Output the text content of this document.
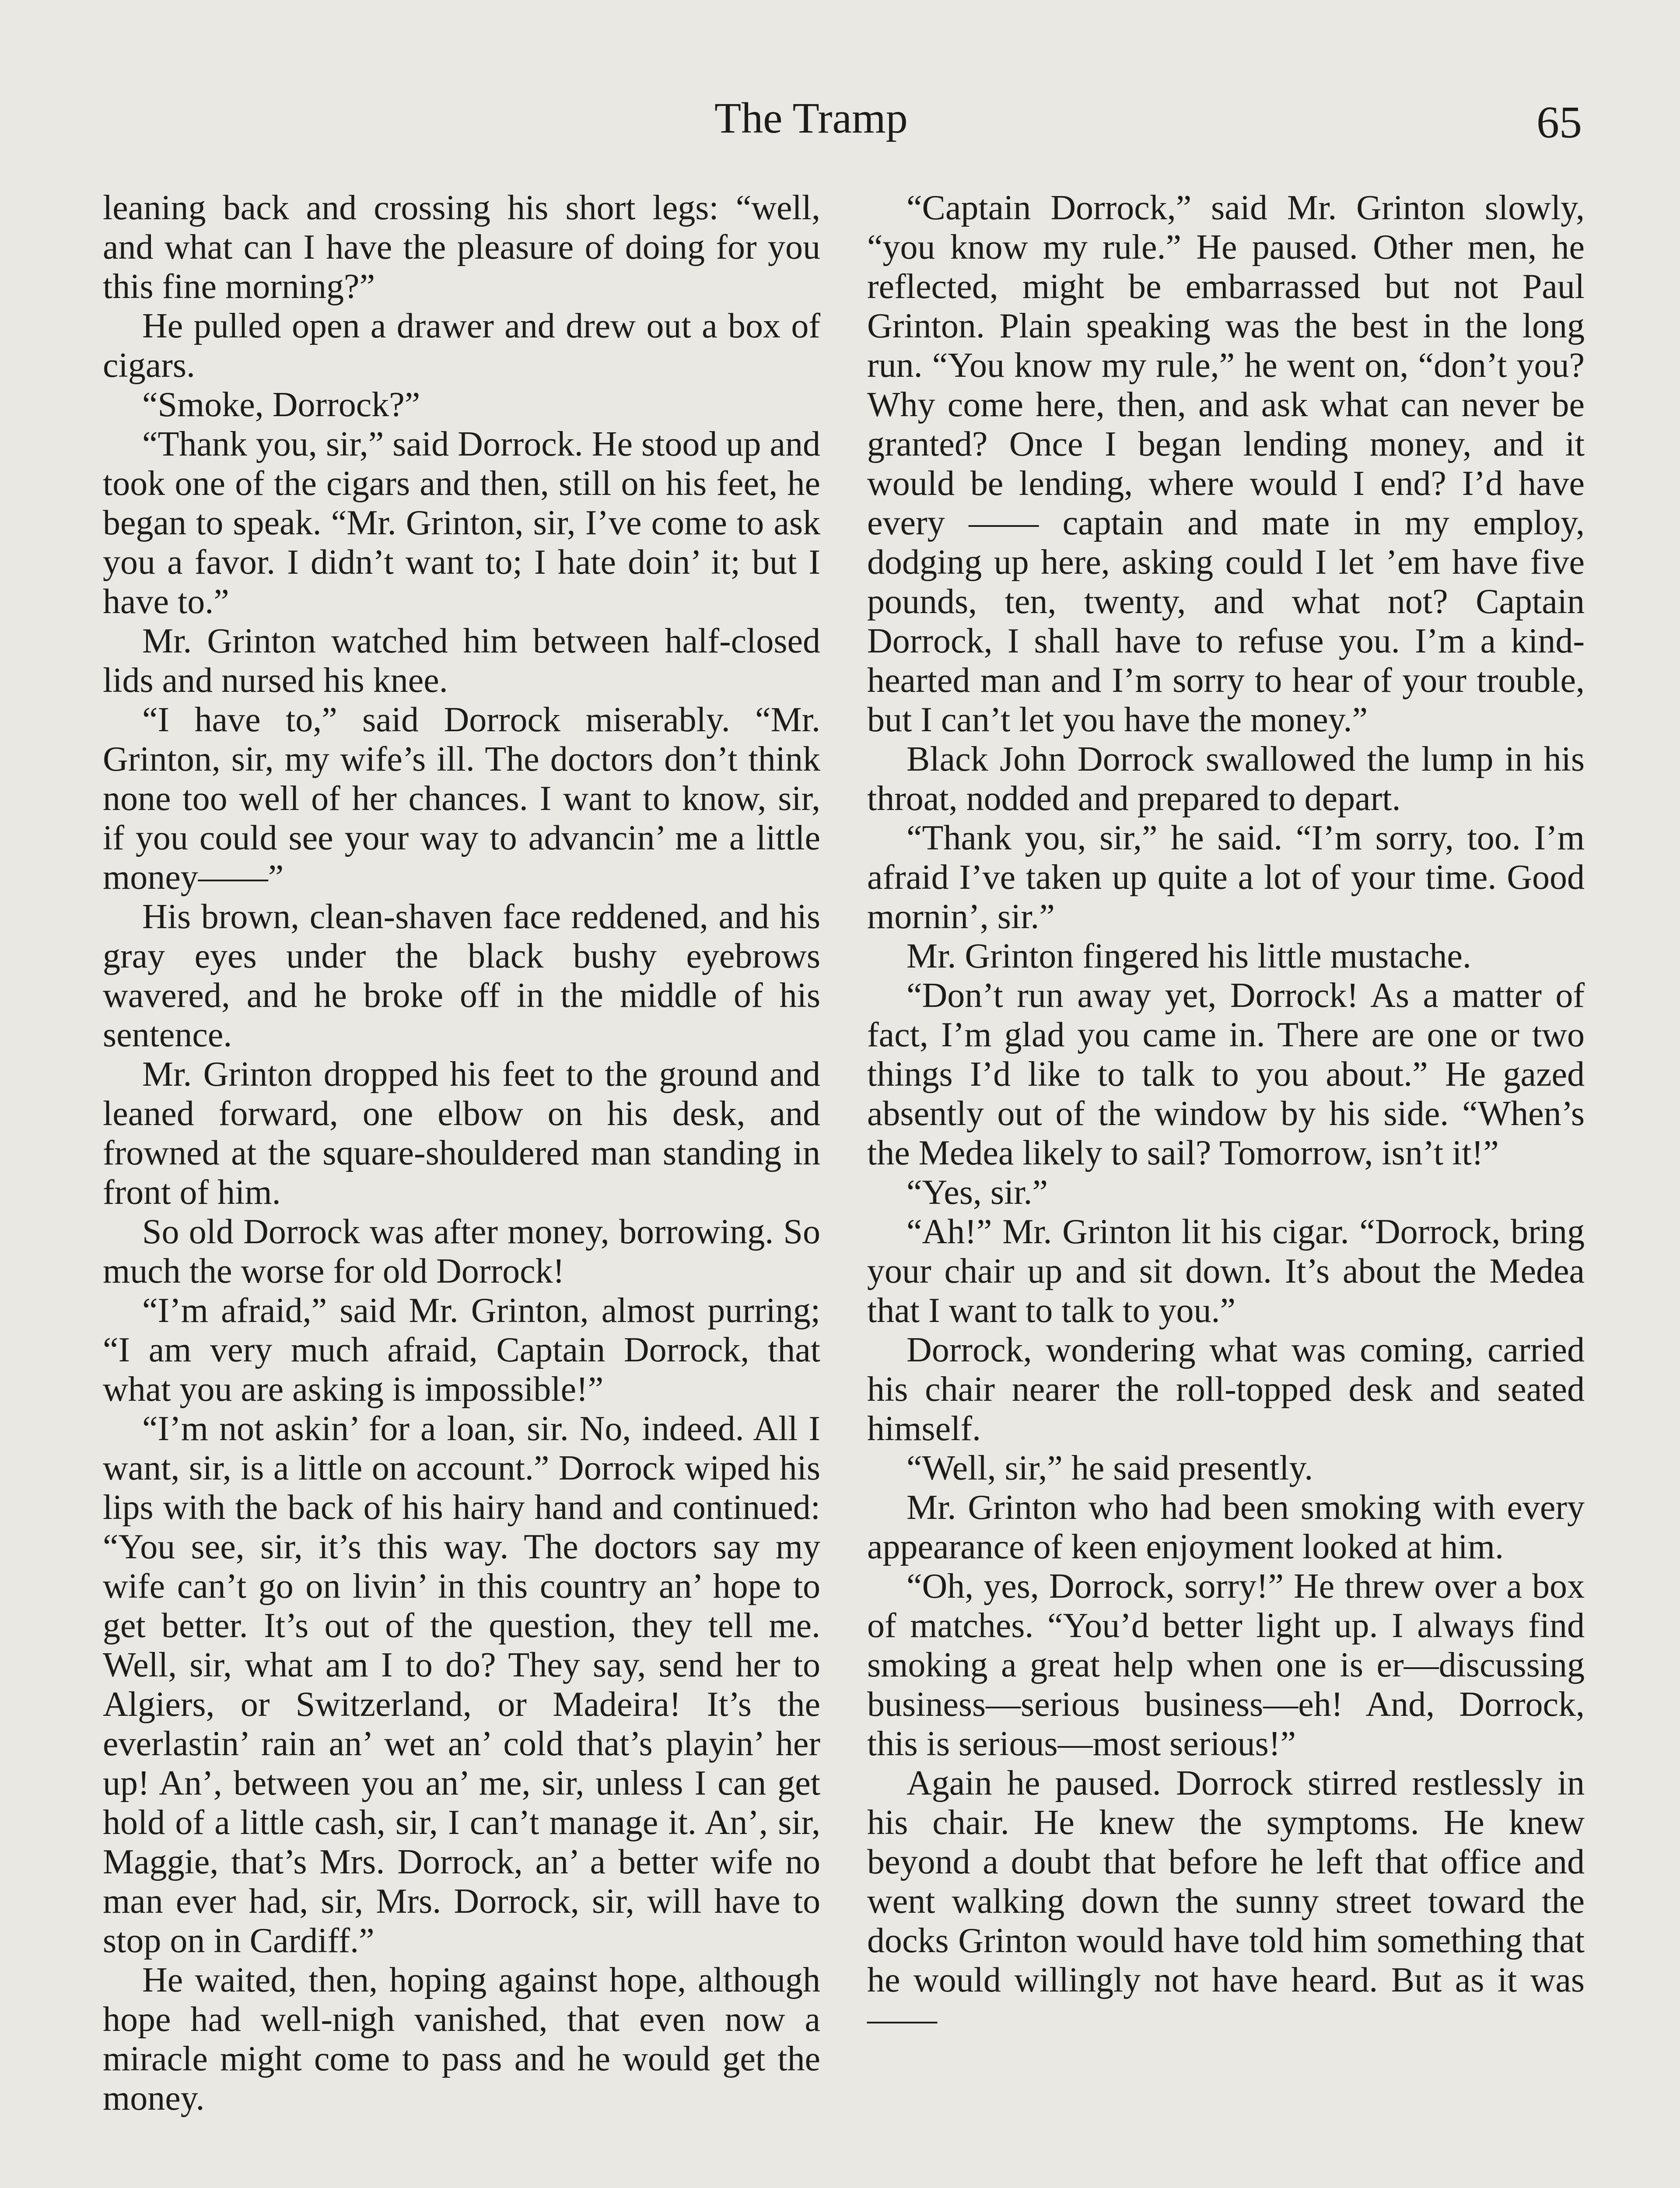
The Tramp	65

leaning back and crossing his short legs: “well, and what can I have the pleasure of doing for you this fine morning?”

He pulled open a drawer and drew out a box of cigars.

“Smoke, Dorrock?”

“Thank you, sir,” said Dorrock. He stood up and took one of the cigars and then, still on his feet, he began to speak. “Mr. Grinton, sir, I’ve come to ask you a favor. I didn’t want to; I hate doin’ it; but I have to.”

Mr. Grinton watched him between half-closed lids and nursed his knee.

“I have to,” said Dorrock miserably. “Mr. Grinton, sir, my wife’s ill. The doctors don’t think none too well of her chances. I want to know, sir, if you could see your way to advancin’ me a little money——”

His brown, clean-shaven face reddened, and his gray eyes under the black bushy eyebrows wavered, and he broke off in the middle of his sentence.

Mr. Grinton dropped his feet to the ground and leaned forward, one elbow on his desk, and frowned at the square-shouldered man standing in front of him.

So old Dorrock was after money, borrowing. So much the worse for old Dorrock!

“I’m afraid,” said Mr. Grinton, almost purring; “I am very much afraid, Captain Dorrock, that what you are asking is impossible!”

“I’m not askin’ for a loan, sir. No, indeed. All I want, sir, is a little on account.” Dorrock wiped his lips with the back of his hairy hand and continued: “You see, sir, it’s this way. The doctors say my wife can’t go on livin’ in this country an’ hope to get better. It’s out of the question, they tell me. Well, sir, what am I to do? They say, send her to Algiers, or Switzerland, or Madeira! It’s the everlastin’ rain an’ wet an’ cold that’s playin’ her up! An’, between you an’ me, sir, unless I can get hold of a little cash, sir, I can’t manage it. An’, sir, Maggie, that’s Mrs. Dorrock, an’ a better wife no man ever had, sir, Mrs. Dorrock, sir, will have to stop on in Cardiff.”

He waited, then, hoping against hope, although hope had well-nigh vanished, that even now a miracle might come to pass and he would get the money.

“Captain Dorrock,” said Mr. Grinton slowly, “you know my rule.” He paused. Other men, he reflected, might be embarrassed but not Paul Grinton. Plain speaking was the best in the long run. “You know my rule,” he went on, “don’t you? Why come here, then, and ask what can never be granted? Once I began lending money, and it would be lending, where would I end? I’d have every —— captain and mate in my employ, dodging up here, asking could I let ’em have five pounds, ten, twenty, and what not? Captain Dorrock, I shall have to refuse you. I’m a kind-hearted man and I’m sorry to hear of your trouble, but I can’t let you have the money.”

Black John Dorrock swallowed the lump in his throat, nodded and prepared to depart.

“Thank you, sir,” he said. “I’m sorry, too. I’m afraid I’ve taken up quite a lot of your time. Good mornin’, sir.”

Mr. Grinton fingered his little mustache.

“Don’t run away yet, Dorrock! As a matter of fact, I’m glad you came in. There are one or two things I’d like to talk to you about.” He gazed absently out of the window by his side. “When’s the Medea likely to sail? Tomorrow, isn’t it!”

“Yes, sir.”

“Ah!” Mr. Grinton lit his cigar. “Dorrock, bring your chair up and sit down. It’s about the Medea that I want to talk to you.”

Dorrock, wondering what was coming, carried his chair nearer the roll-topped desk and seated himself.

“Well, sir,” he said presently.

Mr. Grinton who had been smoking with every appearance of keen enjoyment looked at him.

“Oh, yes, Dorrock, sorry!” He threw over a box of matches. “You’d better light up. I always find smoking a great help when one is er—discussing business—serious business—eh! And, Dorrock, this is serious—most serious!”

Again he paused. Dorrock stirred restlessly in his chair. He knew the symptoms. He knew beyond a doubt that before he left that office and went walking down the sunny street toward the docks Grinton would have told him something that he would willingly not have heard. But as it was——
